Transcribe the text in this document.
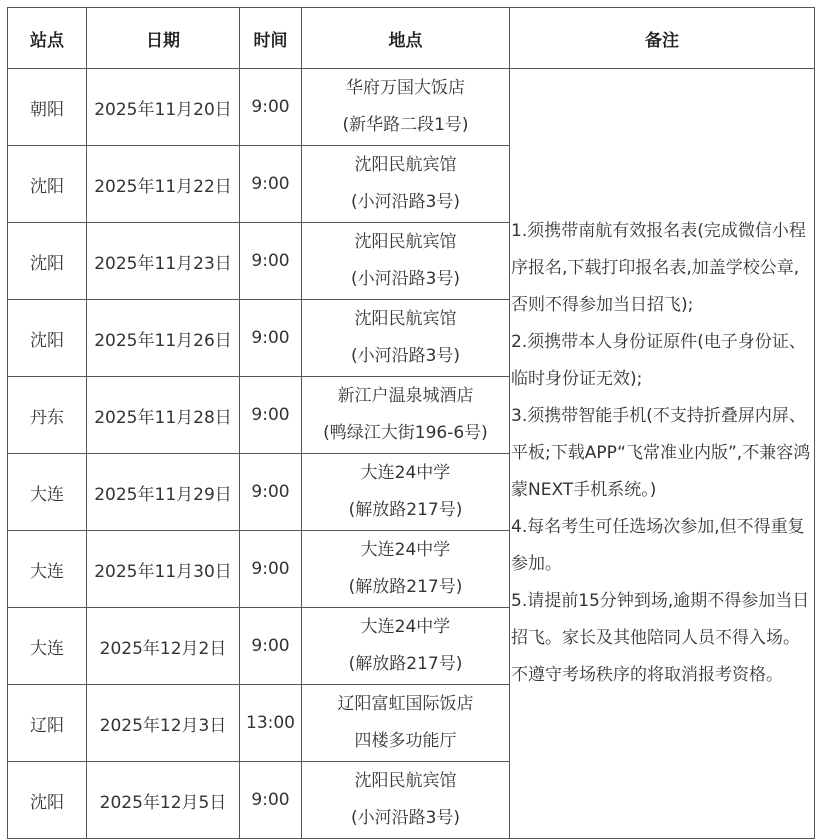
站点	日期	时间	地点	备注
朝阳	2025年11月20日	9:00	华府万国大饭店
(新华路二段1号)	1.须携带南航有效报名表(完成微信小程序报名,下载打印报名表,加盖学校公章,否则不得参加当日招飞);
2.须携带本人身份证原件(电子身份证、临时身份证无效);
3.须携带智能手机(不支持折叠屏内屏、平板;下载APP“飞常准业内版”,不兼容鸿蒙NEXT手机系统。)
4.每名考生可任选场次参加,但不得重复参加。
5.请提前15分钟到场,逾期不得参加当日招飞。家长及其他陪同人员不得入场。不遵守考场秩序的将取消报考资格。

沈阳	2025年11月22日	9:00	沈阳民航宾馆
(小河沿路3号)	

沈阳	2025年11月23日	9:00	沈阳民航宾馆
(小河沿路3号)	

沈阳	2025年11月26日	9:00	沈阳民航宾馆
(小河沿路3号)	

丹东	2025年11月28日	9:00	新江户温泉城酒店
(鸭绿江大街196-6号)	

大连	2025年11月29日	9:00	大连24中学
(解放路217号)	

大连	2025年11月30日	9:00	大连24中学
(解放路217号)	

大连	2025年12月2日	9:00	大连24中学
(解放路217号)	

辽阳	2025年12月3日	13:00	辽阳富虹国际饭店
四楼多功能厅	

沈阳	2025年12月5日	9:00	沈阳民航宾馆
(小河沿路3号)	
